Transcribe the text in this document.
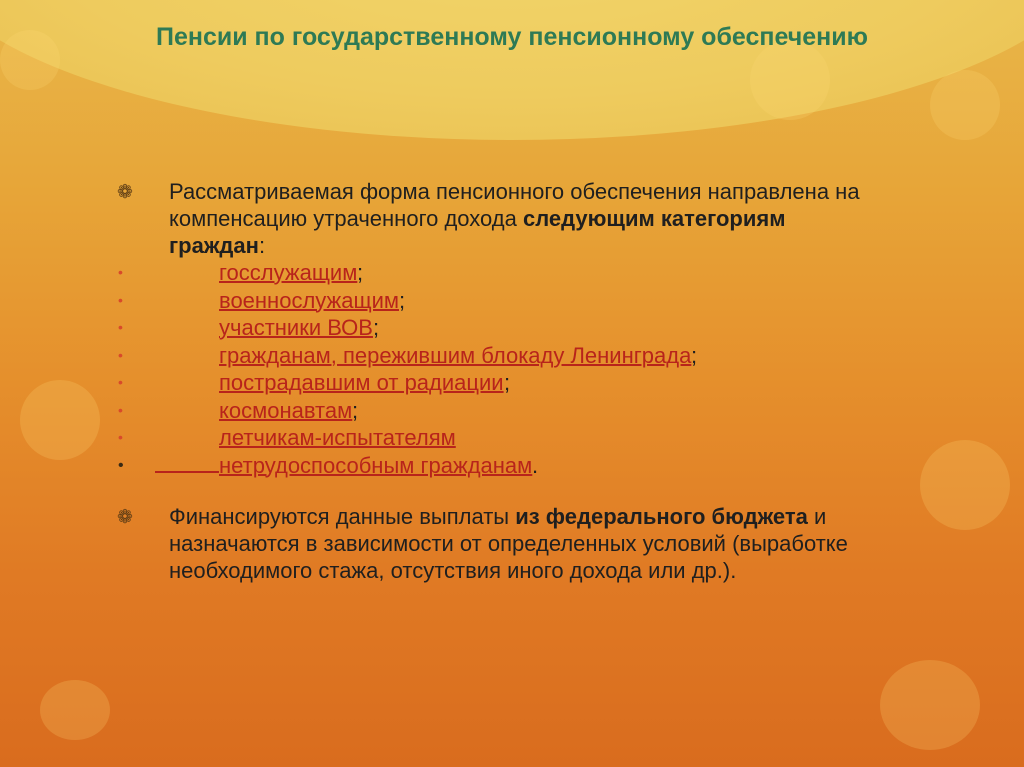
Пенсии по государственному пенсионному обеспечению
❁ Рассматриваемая форма пенсионного обеспечения направлена на компенсацию утраченного дохода следующим категориям граждан:
•	госслужащим ;
•	военнослужащим ;
•	участники ВОВ ;
•	гражданам, пережившим блокаду Ленинграда ;
•	пострадавшим от радиации ;
•	космонавтам ;
•	летчикам-испытателям
•	нетрудоспособным гражданам .
❁ Финансируются данные выплаты из федерального бюджета и назначаются в зависимости от определенных условий (выработке необходимого стажа, отсутствия иного дохода или др.).
